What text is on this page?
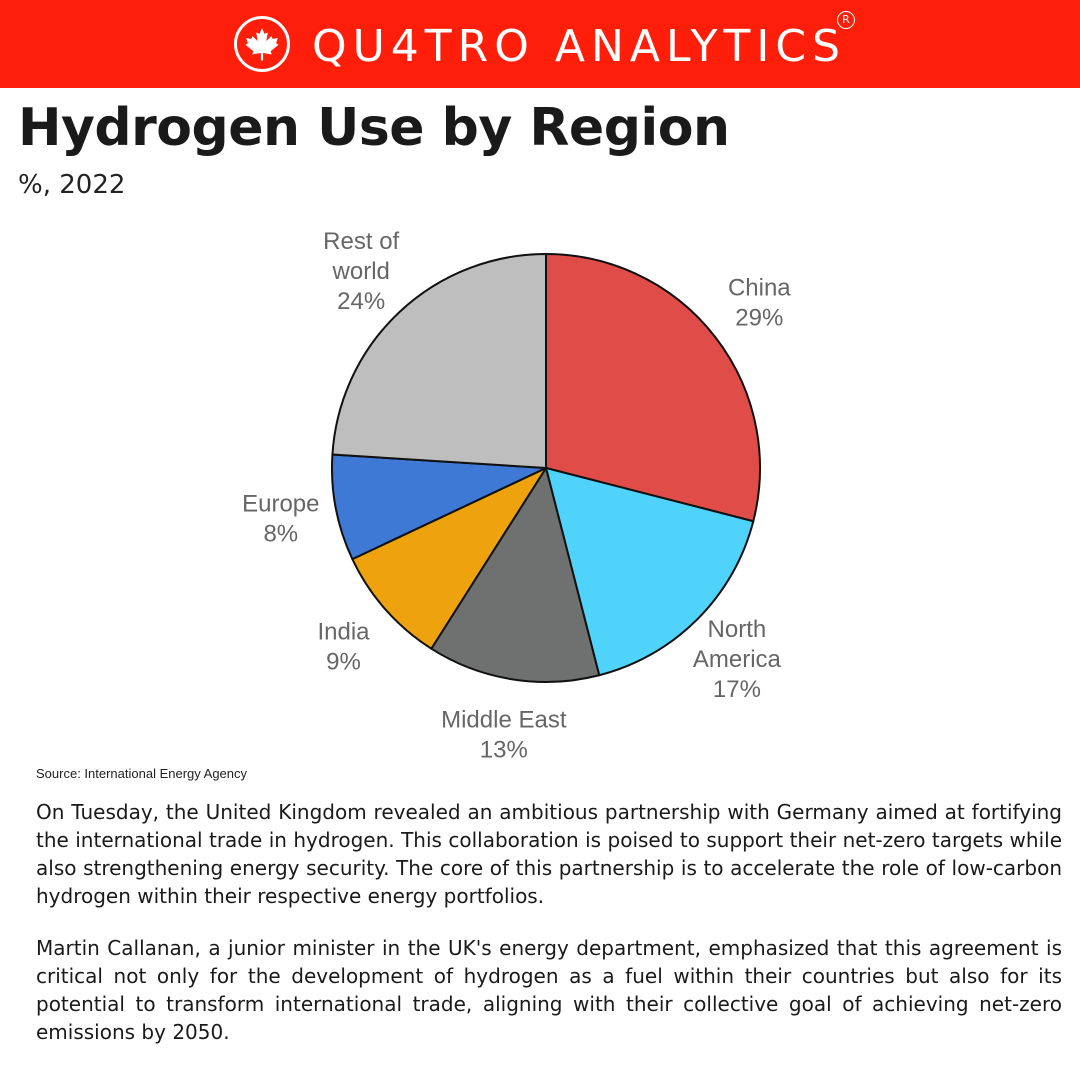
QU4TRO ANALYTICS
R
Hydrogen Use by Region
%, 2022
China 29%
North America 17%
Middle East 13%
India 9%
Europe 8%
Rest of world 24%
Source: International Energy Agency

On Tuesday, the United Kingdom revealed an ambitious partnership with Germany aimed at fortifying the international trade in hydrogen. This collaboration is poised to support their net-zero targets while also strengthening energy security. The core of this partnership is to accelerate the role of low-carbon hydrogen within their respective energy portfolios.

Martin Callanan, a junior minister in the UK's energy department, emphasized that this agreement is critical not only for the development of hydrogen as a fuel within their countries but also for its potential to transform international trade, aligning with their collective goal of achieving net-zero emissions by 2050.
